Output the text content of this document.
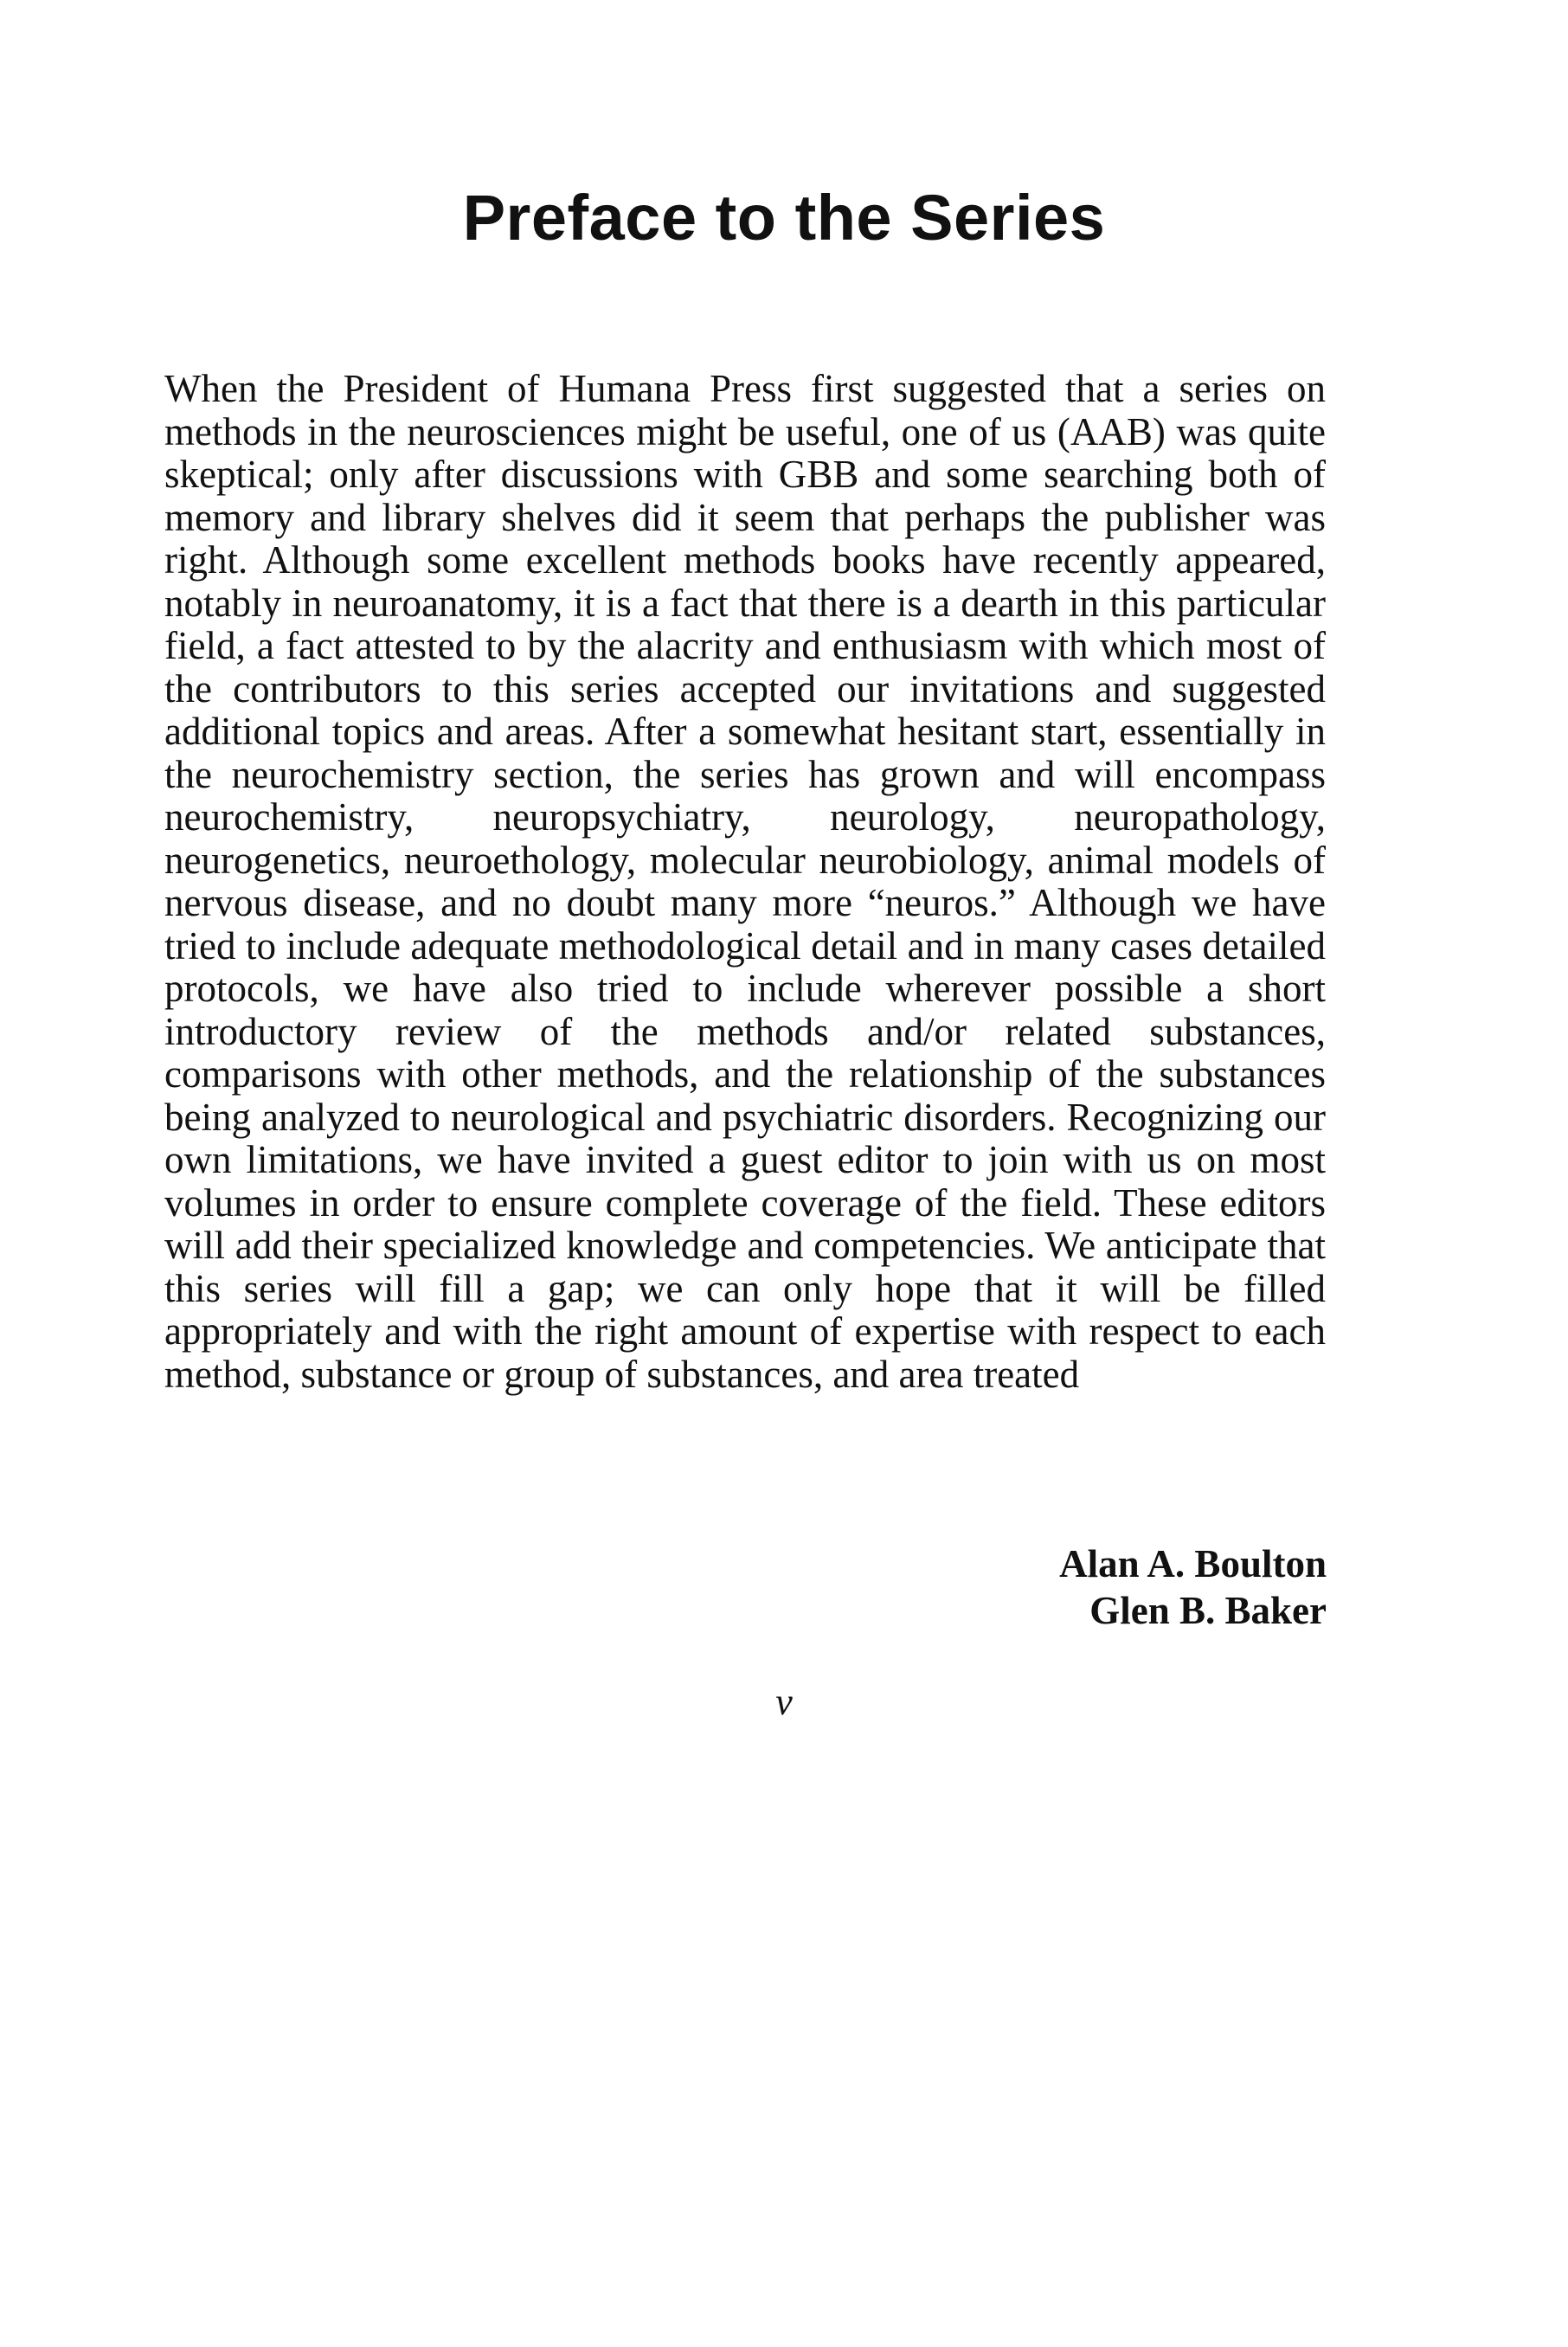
Preface to the Series

When the President of Humana Press first suggested that a series on methods in the neurosciences might be useful, one of us (AAB) was quite skeptical; only after discussions with GBB and some searching both of memory and library shelves did it seem that perhaps the publisher was right. Although some excellent methods books have recently appeared, notably in neuroanatomy, it is a fact that there is a dearth in this particular field, a fact attested to by the alacrity and enthusiasm with which most of the contributors to this series accepted our invitations and suggested additional topics and areas. After a somewhat hesitant start, essentially in the neurochemistry section, the series has grown and will encompass neurochemistry, neuropsychiatry, neurology, neuropathology, neurogenetics, neuroethology, molecular neurobiology, animal models of nervous disease, and no doubt many more “neuros.” Although we have tried to include adequate methodological detail and in many cases detailed protocols, we have also tried to include wherever possible a short introductory review of the methods and/or related substances, comparisons with other methods, and the relationship of the substances being analyzed to neurological and psychiatric disorders. Recognizing our own limitations, we have invited a guest editor to join with us on most volumes in order to ensure complete coverage of the field. These editors will add their specialized knowledge and competencies. We anticipate that this series will fill a gap; we can only hope that it will be filled appropriately and with the right amount of expertise with respect to each method, substance or group of substances, and area treated

Alan A. Boulton
Glen B. Baker
v
